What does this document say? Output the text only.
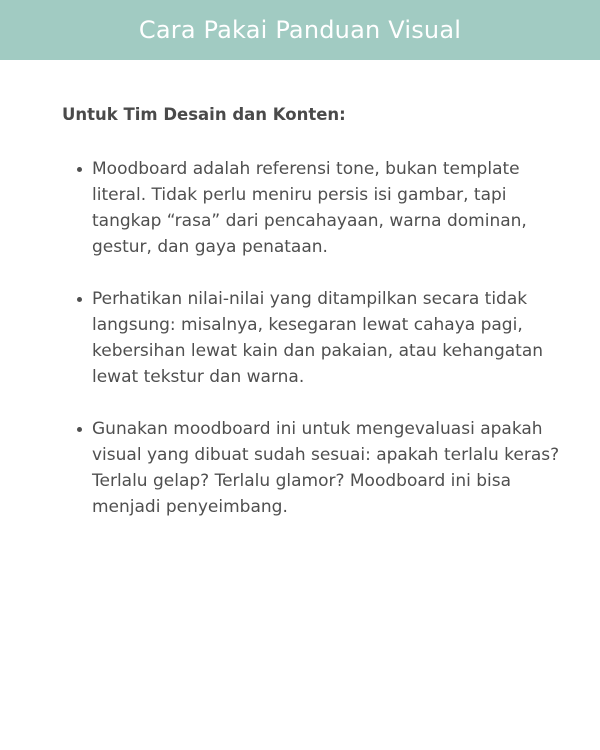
Cara Pakai Panduan Visual
Untuk Tim Desain dan Konten:
Moodboard adalah referensi tone, bukan template literal. Tidak perlu meniru persis isi gambar, tapi tangkap “rasa” dari pencahayaan, warna dominan, gestur, dan gaya penataan.
Perhatikan nilai-nilai yang ditampilkan secara tidak langsung: misalnya, kesegaran lewat cahaya pagi, kebersihan lewat kain dan pakaian, atau kehangatan lewat tekstur dan warna.
Gunakan moodboard ini untuk mengevaluasi apakah visual yang dibuat sudah sesuai: apakah terlalu keras? Terlalu gelap? Terlalu glamor? Moodboard ini bisa menjadi penyeimbang.
